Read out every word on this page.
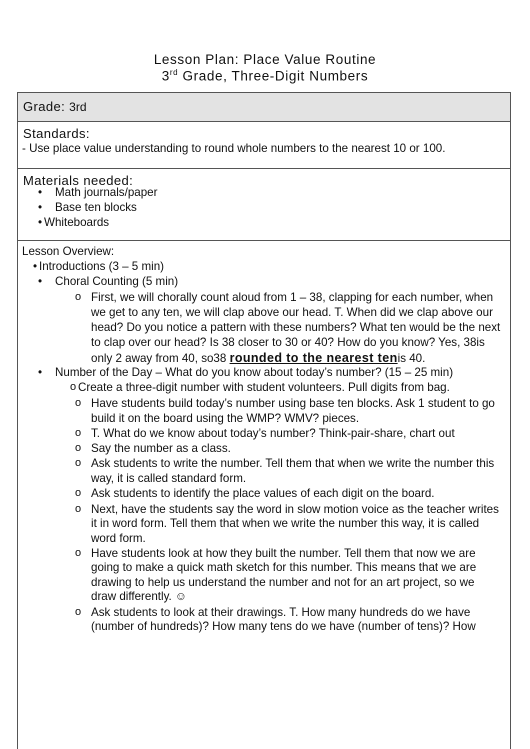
Lesson Plan: Place Value Routine
3rd Grade, Three-Digit Numbers
Grade: 3rd
Standards:
- Use place value understanding to round whole numbers to the nearest 10 or 100.
Materials needed:
• Math journals/paper
• Base ten blocks
• Whiteboards
Lesson Overview:
• Introductions (3 – 5 min)
• Choral Counting (5 min)
o First, we will chorally count aloud from 1 – 38, clapping for each number, when
we get to any ten, we will clap above our head. T. When did we clap above our
head? Do you notice a pattern with these numbers? What ten would be the next
to clap over our head? Is 38 closer to 30 or 40? How do you know? Yes, 38is
only 2 away from 40, so38 rounded to the nearest tenis 40.
• Number of the Day – What do you know about today’s number? (15 – 25 min)
o Create a three-digit number with student volunteers. Pull digits from bag.
o Have students build today’s number using base ten blocks. Ask 1 student to go
build it on the board using the WMP? WMV? pieces.
o T. What do we know about today’s number? Think-pair-share, chart out
o Say the number as a class.
o Ask students to write the number. Tell them that when we write the number this
way, it is called standard form.
o Ask students to identify the place values of each digit on the board.
o Next, have the students say the word in slow motion voice as the teacher writes
it in word form. Tell them that when we write the number this way, it is called
word form.
o Have students look at how they built the number. Tell them that now we are
going to make a quick math sketch for this number. This means that we are
drawing to help us understand the number and not for an art project, so we
draw differently. ☺
o Ask students to look at their drawings. T. How many hundreds do we have
(number of hundreds)? How many tens do we have (number of tens)? How
